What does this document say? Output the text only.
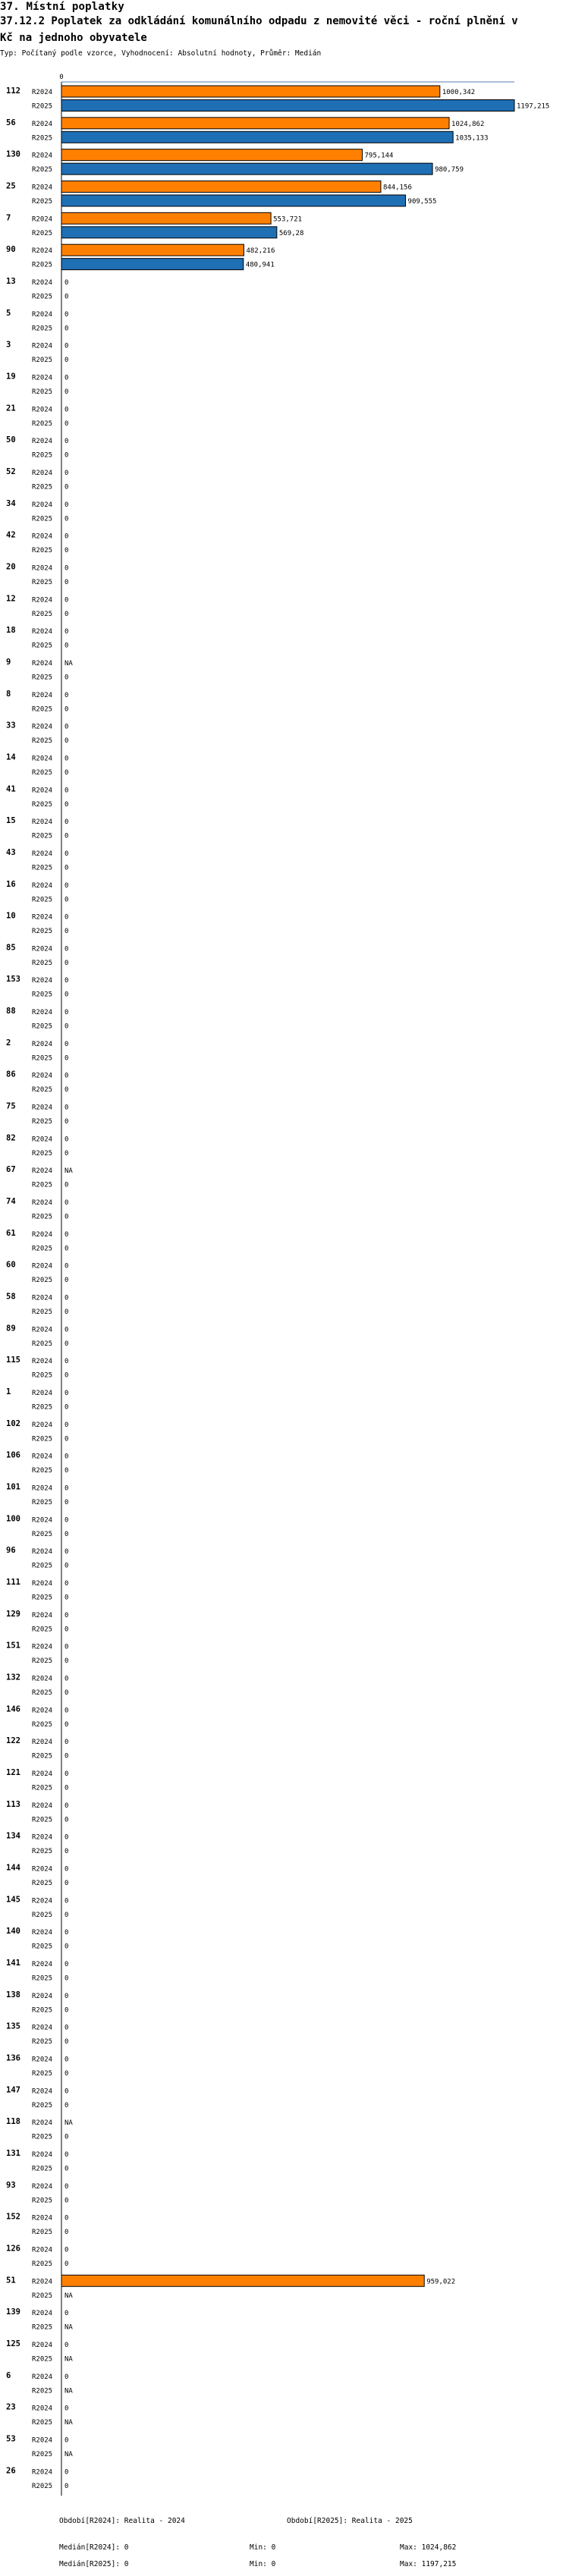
37. Místní poplatky
37.12.2 Poplatek za odkládání komunálního odpadu z nemovité věci - roční plnění v
Kč na jednoho obyvatele
Typ: Počítaný podle vzorce, Vyhodnocení: Absolutní hodnoty, Průměr: Medián
0
112 R2024	1000,342
R2025	1197,215
56 R2024	1024,862
R2025	1035,133
130 R2024	795,144
R2025	980,759
25 R2024	844,156
R2025	909,555
7	R2024	553,721
R2025	569,28
90 R2024	482,216
R2025	480,941
13 R2024 0
R2025 0
5	R2024 0
R2025 0
3	R2024 0
R2025 0
19 R2024 0
R2025 0
21 R2024 0
R2025 0
50 R2024 0
R2025 0
52 R2024 0
R2025 0
34 R2024 0
R2025 0
42 R2024 0
R2025 0
20 R2024 0
R2025 0
12 R2024 0
R2025 0
18 R2024 0
R2025 0
9	R2024 NA
R2025 0
8	R2024 0
R2025 0
33 R2024 0
R2025 0
14 R2024 0
R2025 0
41 R2024 0
R2025 0
15 R2024 0
R2025 0
43 R2024 0
R2025 0
16 R2024 0
R2025 0
10 R2024 0
R2025 0
85 R2024 0
R2025 0
153 R2024 0
R2025 0
88 R2024 0
R2025 0
2	R2024 0
R2025 0
86 R2024 0
R2025 0
75 R2024 0
R2025 0
82 R2024 0
R2025 0
67 R2024 NA
R2025 0
74 R2024 0
R2025 0
61 R2024 0
R2025 0
60 R2024 0
R2025 0
58 R2024 0
R2025 0
89 R2024 0
R2025 0
115 R2024 0
R2025 0
1	R2024 0
R2025 0
102 R2024 0
R2025 0
106 R2024 0
R2025 0
101 R2024 0
R2025 0
100 R2024 0
R2025 0
96 R2024 0
R2025 0
111 R2024 0
R2025 0
129 R2024 0
R2025 0
151 R2024 0
R2025 0
132 R2024 0
R2025 0
146 R2024 0
R2025 0
122 R2024 0
R2025 0
121 R2024 0
R2025 0
113 R2024 0
R2025 0
134 R2024 0
R2025 0
144 R2024 0
R2025 0
145 R2024 0
R2025 0
140 R2024 0
R2025 0
141 R2024 0
R2025 0
138 R2024 0
R2025 0
135 R2024 0
R2025 0
136 R2024 0
R2025 0
147 R2024 0
R2025 0
118 R2024 NA
R2025 0
131 R2024 0
R2025 0
93 R2024 0
R2025 0
152 R2024 0
R2025 0
126 R2024 0
R2025 0
51 R2024	959,022
R2025 NA
139 R2024 0
R2025 NA
125 R2024 0
R2025 NA
6	R2024 0
R2025 NA
23 R2024 0
R2025 NA
53 R2024 0
R2025 NA
26 R2024 0
R2025 0
Období[R2024]: Realita - 2024	Období[R2025]: Realita - 2025
Medián[R2024]: 0	Min: 0	Max: 1024,862
Medián[R2025]: 0	Min: 0	Max: 1197,215
